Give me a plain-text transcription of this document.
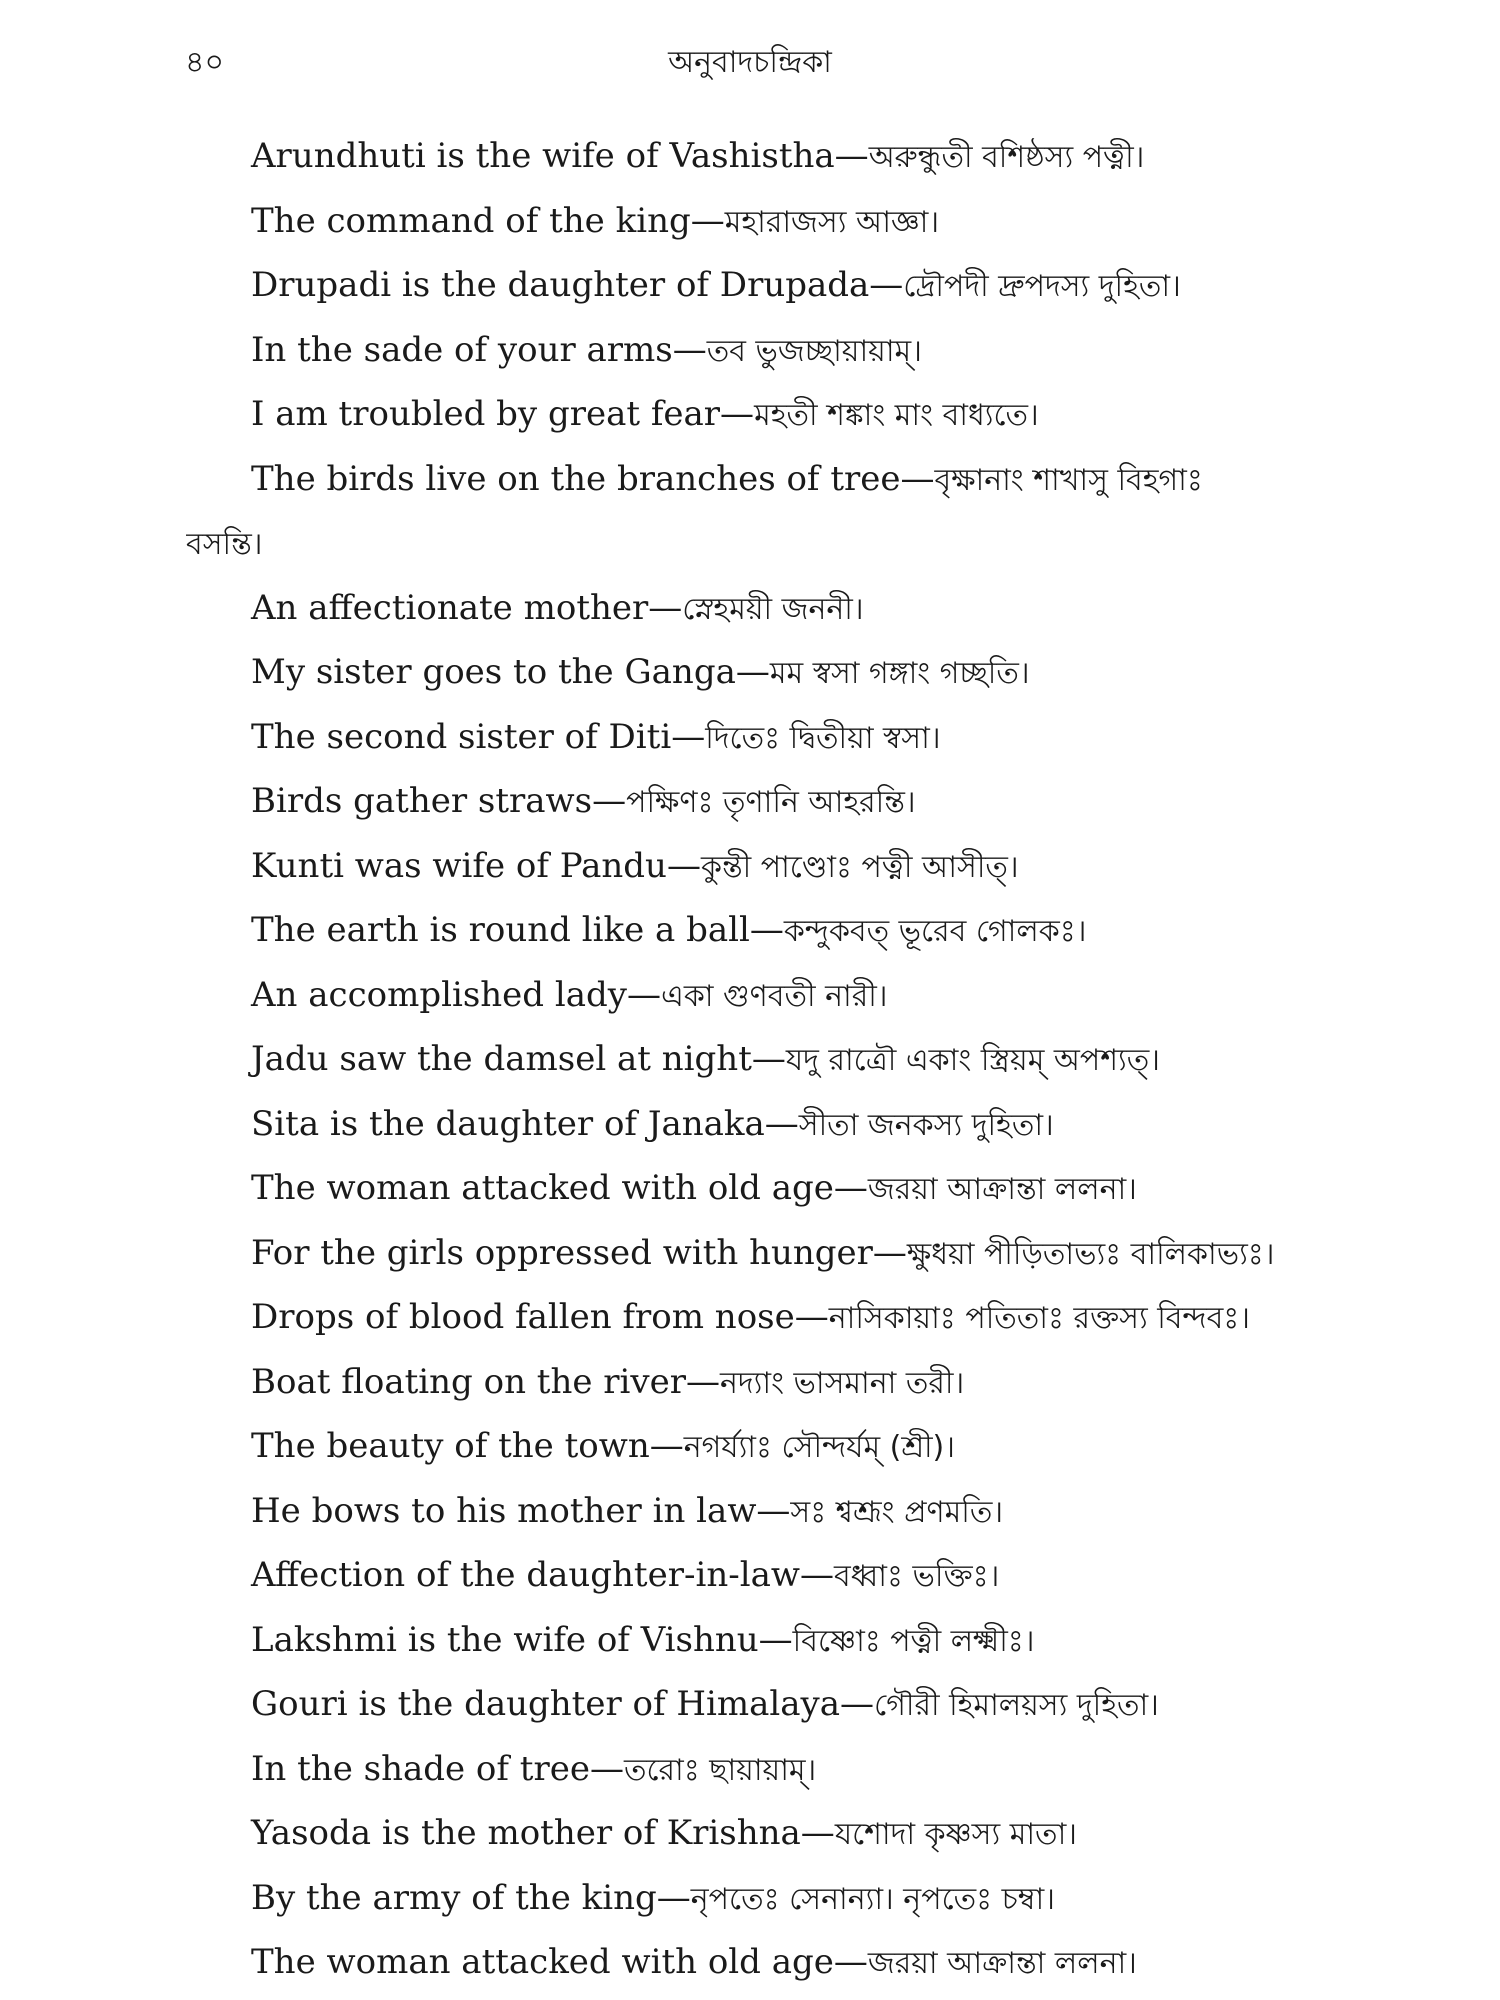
৪০	অনুবাদচন্দ্রিকা
Arundhuti is the wife of Vashistha—অরুন্ধুতী বশিষ্ঠস্য পত্নী।
The command of the king—মহারাজস্য আজ্ঞা।
Drupadi is the daughter of Drupada—দ্রৌপদী দ্রুপদস্য দুহিতা।
In the sade of your arms—তব ভুজচ্ছায়ায়াম্।
I am troubled by great fear—মহতী শঙ্কাং মাং বাধ্যতে।
The birds live on the branches of tree—বৃক্ষানাং শাখাসু বিহগাঃ
বসন্তি।
An affectionate mother—স্নেহময়ী জননী।
My sister goes to the Ganga—মম স্বসা গঙ্গাং গচ্ছতি।
The second sister of Diti—দিতেঃ দ্বিতীয়া স্বসা।
Birds gather straws—পক্ষিণঃ তৃণানি আহরন্তি।
Kunti was wife of Pandu—কুন্তী পাণ্ডোঃ পত্নী আসীত্।
The earth is round like a ball—কন্দুকবত্ ভূরেব গোলকঃ।
An accomplished lady—একা গুণবতী নারী।
Jadu saw the damsel at night—যদু রাত্রৌ একাং স্ত্রিয়ম্ অপশ্যত্।
Sita is the daughter of Janaka—সীতা জনকস্য দুহিতা।
The woman attacked with old age—জরয়া আক্রান্তা ললনা।
For the girls oppressed with hunger—ক্ষুধয়া পীড়িতাভ্যঃ বালিকাভ্যঃ।
Drops of blood fallen from nose—নাসিকায়াঃ পতিতাঃ রক্তস্য বিন্দবঃ।
Boat floating on the river—নদ্যাং ভাসমানা তরী।
The beauty of the town—নগর্য্যাঃ সৌন্দর্যম্ (শ্রী)।
He bows to his mother in law—সঃ শ্বশ্রূং প্রণমতি।
Affection of the daughter-in-law—বধ্বাঃ ভক্তিঃ।
Lakshmi is the wife of Vishnu—বিষ্ণোঃ পত্নী লক্ষ্মীঃ।
Gouri is the daughter of Himalaya—গৌরী হিমালয়স্য দুহিতা।
In the shade of tree—তরোঃ ছায়ায়াম্।
Yasoda is the mother of Krishna—যশোদা কৃষ্ণস্য মাতা।
By the army of the king—নৃপতেঃ সেনান্যা। নৃপতেঃ চম্বা।
The woman attacked with old age—জরয়া আক্রান্তা ললনা।
